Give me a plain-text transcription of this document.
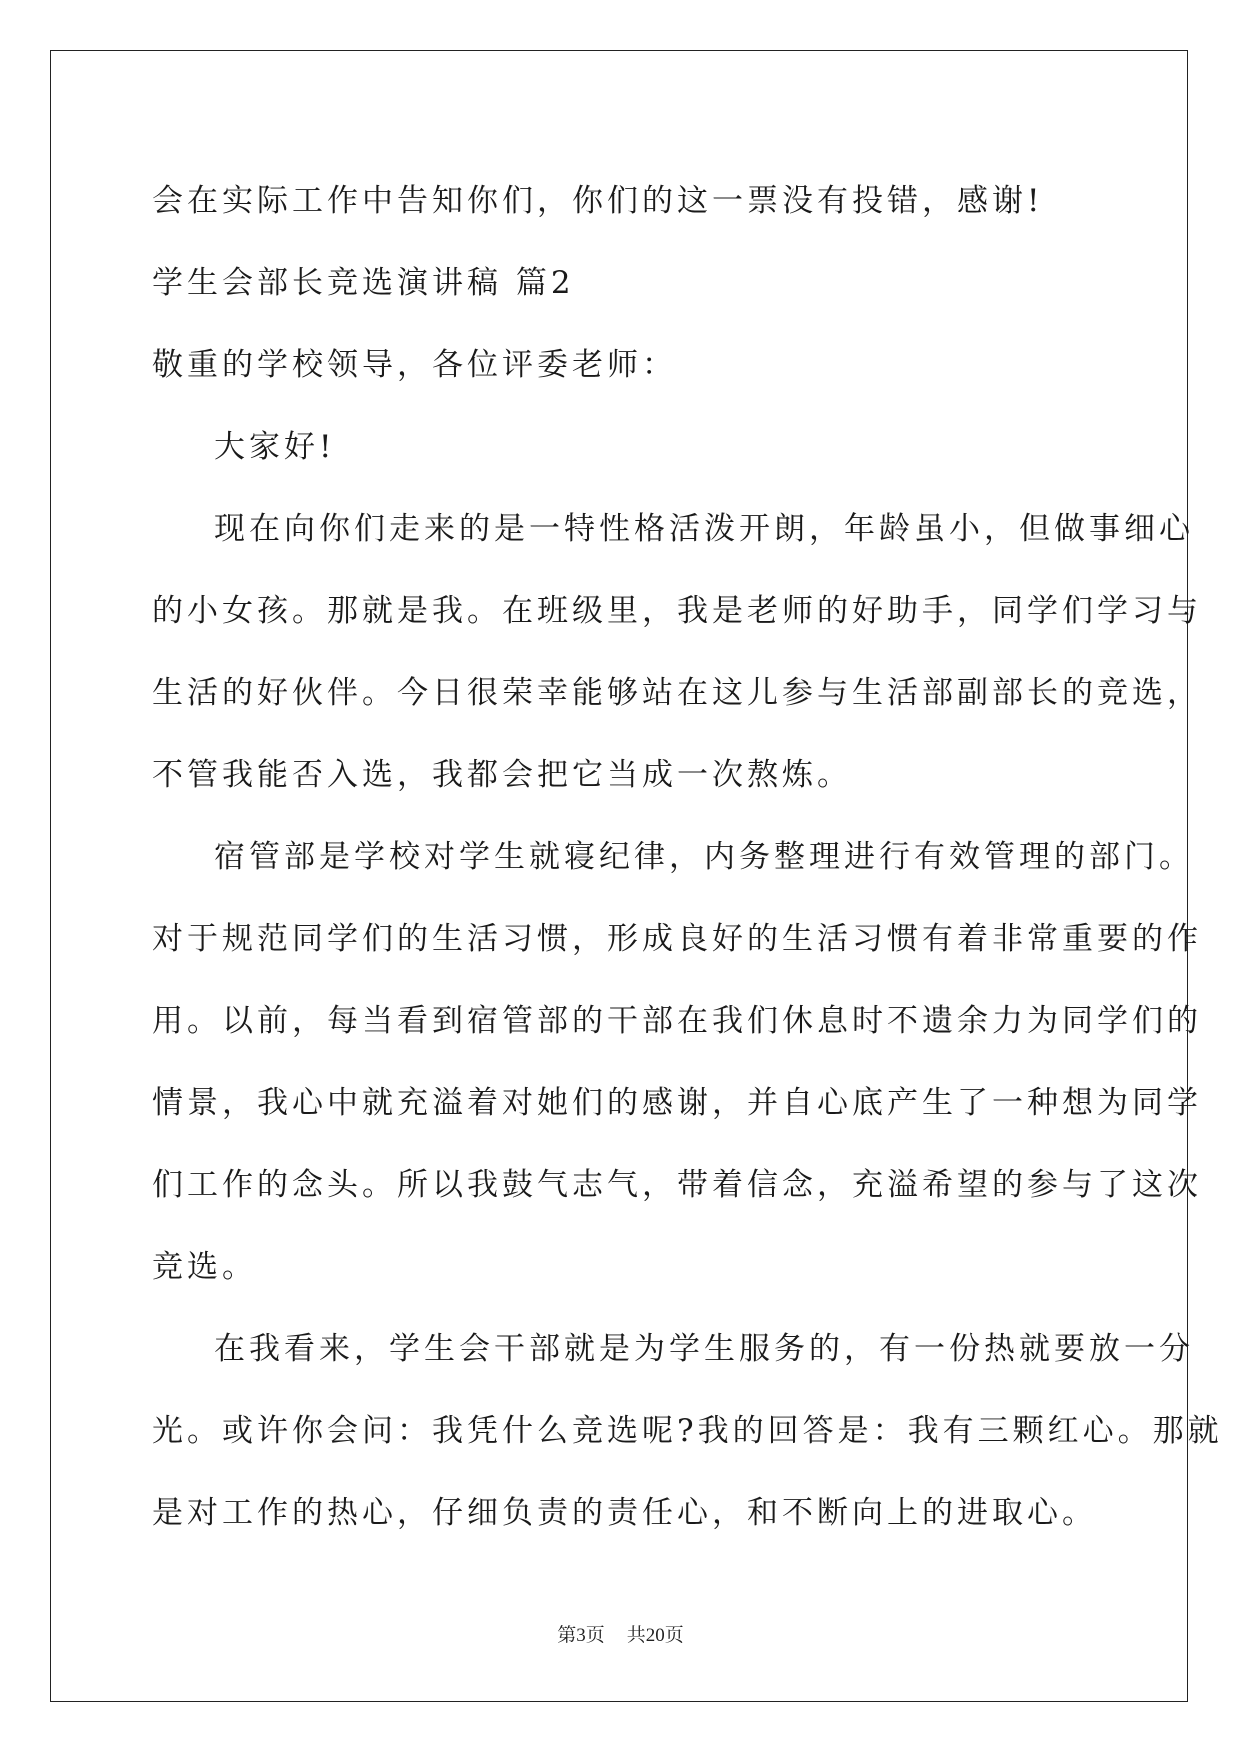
会在实际工作中告知你们，你们的这一票没有投错，感谢!

学生会部长竞选演讲稿 篇2

敬重的学校领导，各位评委老师：

大家好!

现在向你们走来的是一特性格活泼开朗，年龄虽小，但做事细心

的小女孩。那就是我。在班级里，我是老师的好助手，同学们学习与

生活的好伙伴。今日很荣幸能够站在这儿参与生活部副部长的竞选，

不管我能否入选，我都会把它当成一次熬炼。

宿管部是学校对学生就寝纪律，内务整理进行有效管理的部门。

对于规范同学们的生活习惯，形成良好的生活习惯有着非常重要的作

用。以前，每当看到宿管部的干部在我们休息时不遗余力为同学们的

情景，我心中就充溢着对她们的感谢，并自心底产生了一种想为同学

们工作的念头。所以我鼓气志气，带着信念，充溢希望的参与了这次

竞选。

在我看来，学生会干部就是为学生服务的，有一份热就要放一分

光。或许你会问：我凭什么竞选呢?我的回答是：我有三颗红心。那就

是对工作的热心，仔细负责的责任心，和不断向上的进取心。

第3页 共20页
